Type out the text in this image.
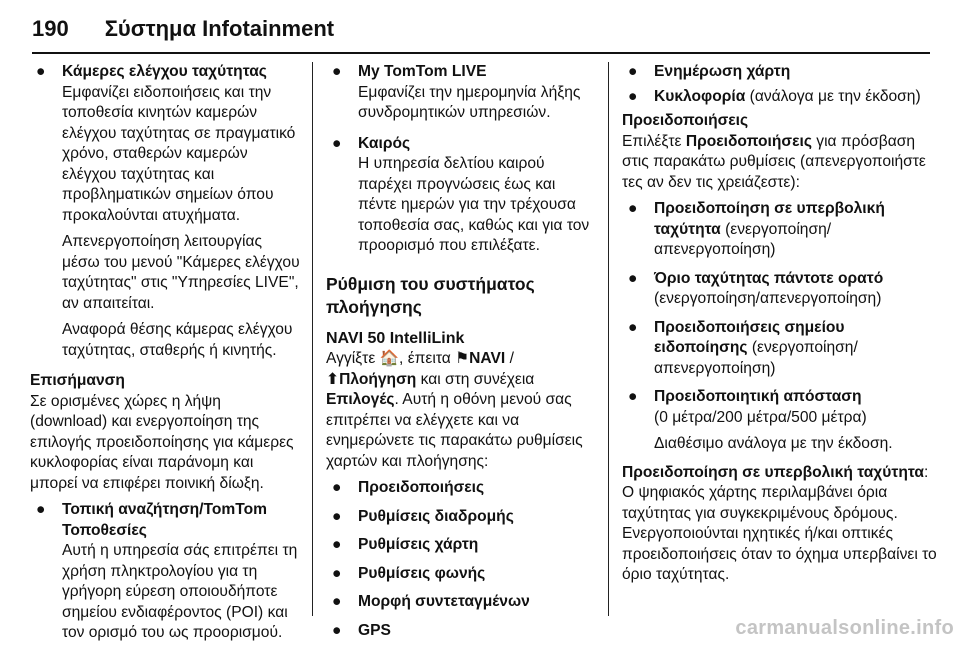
190 Σύστημα Infotainment
●	Κάμερες ελέγχου ταχύτητας

Εμφανίζει ειδοποιήσεις και την τοποθεσία κινητών καμερών ελέγχου ταχύτητας σε πραγματικό χρόνο, σταθερών καμερών ελέγχου ταχύτητας και προβληματικών σημείων όπου προκαλούνται ατυχήματα.

Απενεργοποίηση λειτουργίας μέσω του μενού "Κάμερες ελέγχου ταχύτητας" στις "Υπηρεσίες LIVE", αν απαιτείται.

Αναφορά θέσης κάμερας ελέγχου ταχύτητας, σταθερής ή κινητής.

Επισήμανση

Σε ορισμένες χώρες η λήψη (download) και ενεργοποίηση της επιλογής προειδοποίησης για κάμερες κυκλοφορίας είναι παράνομη και μπορεί να επιφέρει ποινική δίωξη.

●	Τοπική αναζήτηση/TomTom Τοποθεσίες

Αυτή η υπηρεσία σάς επιτρέπει τη χρήση πληκτρολογίου για τη γρήγορη εύρεση οποιουδήποτε σημείου ενδιαφέροντος (POI) και τον ορισμό του ως προορισμού.

●	My TomTom LIVE

Εμφανίζει την ημερομηνία λήξης συνδρομητικών υπηρεσιών.

●	Καιρός

Η υπηρεσία δελτίου καιρού παρέχει προγνώσεις έως και πέντε ημερών για την τρέχουσα τοποθεσία σας, καθώς και για τον προορισμό που επιλέξατε.

Ρύθμιση του συστήματος πλοήγησης
NAVI 50 IntelliLink

Αγγίξτε 🏠, έπειτα ⚑NAVI /
⬆Πλοήγηση και στη συνέχεια Επιλογές. Αυτή η οθόνη μενού σας επιτρέπει να ελέγχετε και να ενημερώνετε τις παρακάτω ρυθμίσεις χαρτών και πλοήγησης:

●	Προειδοποιήσεις
●	Ρυθμίσεις διαδρομής
●	Ρυθμίσεις χάρτη
●	Ρυθμίσεις φωνής
●	Μορφή συντεταγμένων
●	GPS
●	Ενημέρωση χάρτη
●	Κυκλοφορία (ανάλογα με την έκδοση)
Προειδοποιήσεις

Επιλέξτε Προειδοποιήσεις για πρόσβαση στις παρακάτω ρυθμίσεις (απενεργοποιήστε τες αν δεν τις χρειάζεστε):

●	Προειδοποίηση σε υπερβολική ταχύτητα (ενεργοποίηση/απενεργοποίηση)
●	Όριο ταχύτητας πάντοτε ορατό
(ενεργοποίηση/απενεργοποίηση)
●	Προειδοποιήσεις σημείου ειδοποίησης (ενεργοποίηση/απενεργοποίηση)
●	Προειδοποιητική απόσταση
(0 μέτρα/200 μέτρα/500 μέτρα)
Διαθέσιμο ανάλογα με την έκδοση.

Προειδοποίηση σε υπερβολική ταχύτητα: Ο ψηφιακός χάρτης περιλαμβάνει όρια ταχύτητας για συγκεκριμένους δρόμους. Ενεργοποιούνται ηχητικές ή/και οπτικές προειδοποιήσεις όταν το όχημα υπερβαίνει το όριο ταχύτητας.

carmanualsonline.info
